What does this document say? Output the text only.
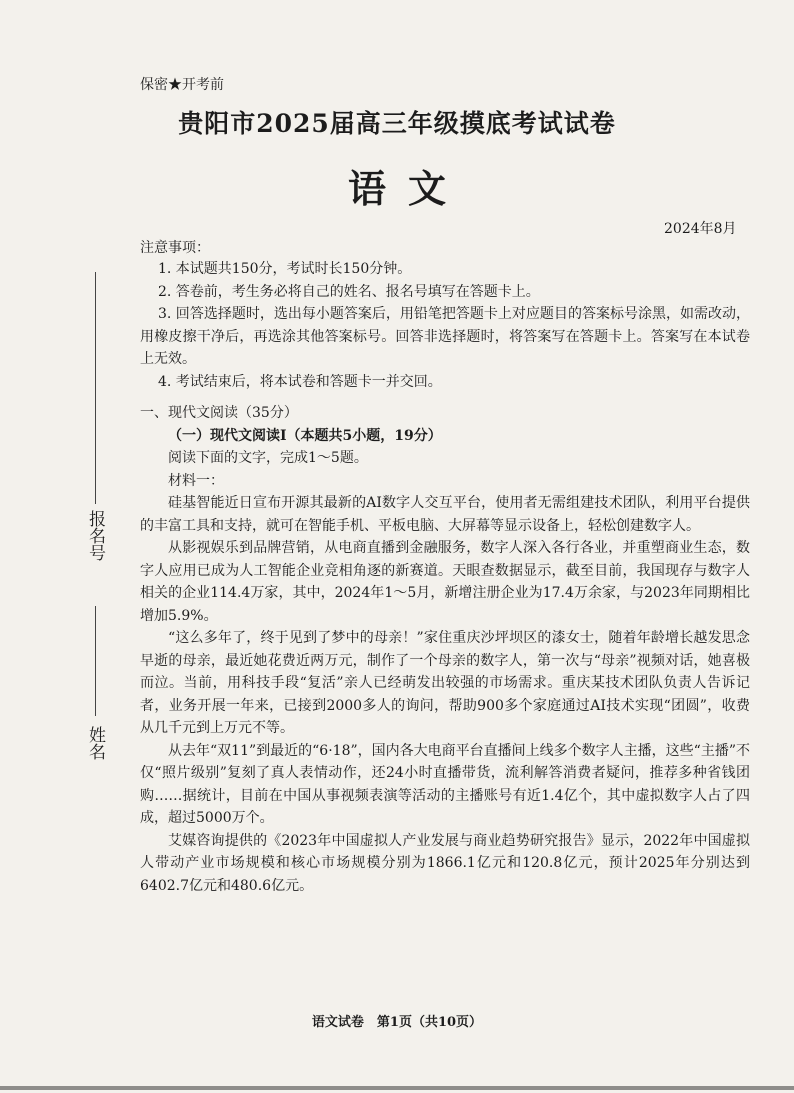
保密★开考前
贵阳市2025届高三年级摸底考试试卷
语文
2024年8月
报名号
姓名
注意事项：

1. 本试题共150分，考试时长150分钟。

2. 答卷前，考生务必将自己的姓名、报名号填写在答题卡上。

3. 回答选择题时，选出每小题答案后，用铅笔把答题卡上对应题目的答案标号涂黑，如需改动，用橡皮擦干净后，再选涂其他答案标号。回答非选择题时，将答案写在答题卡上。答案写在本试卷上无效。

4. 考试结束后，将本试卷和答题卡一并交回。

一、现代文阅读（35分）

（一）现代文阅读Ⅰ（本题共5小题，19分）

阅读下面的文字，完成1～5题。

材料一：

硅基智能近日宣布开源其最新的AI数字人交互平台，使用者无需组建技术团队，利用平台提供的丰富工具和支持，就可在智能手机、平板电脑、大屏幕等显示设备上，轻松创建数字人。

从影视娱乐到品牌营销，从电商直播到金融服务，数字人深入各行各业，并重塑商业生态，数字人应用已成为人工智能企业竞相角逐的新赛道。天眼查数据显示，截至目前，我国现存与数字人相关的企业114.4万家，其中，2024年1～5月，新增注册企业为17.4万余家，与2023年同期相比增加5.9%。

“这么多年了，终于见到了梦中的母亲！”家住重庆沙坪坝区的漆女士，随着年龄增长越发思念早逝的母亲，最近她花费近两万元，制作了一个母亲的数字人，第一次与“母亲”视频对话，她喜极而泣。当前，用科技手段“复活”亲人已经萌发出较强的市场需求。重庆某技术团队负责人告诉记者，业务开展一年来，已接到2000多人的询问，帮助900多个家庭通过AI技术实现“团圆”，收费从几千元到上万元不等。

从去年“双11”到最近的“6·18”，国内各大电商平台直播间上线多个数字人主播，这些“主播”不仅“照片级别”复刻了真人表情动作，还24小时直播带货，流利解答消费者疑问，推荐多种省钱团购……据统计，目前在中国从事视频表演等活动的主播账号有近1.4亿个，其中虚拟数字人占了四成，超过5000万个。

艾媒咨询提供的《2023年中国虚拟人产业发展与商业趋势研究报告》显示，2022年中国虚拟人带动产业市场规模和核心市场规模分别为1866.1亿元和120.8亿元，预计2025年分别达到6402.7亿元和480.6亿元。

语文试卷　第1页（共10页）
